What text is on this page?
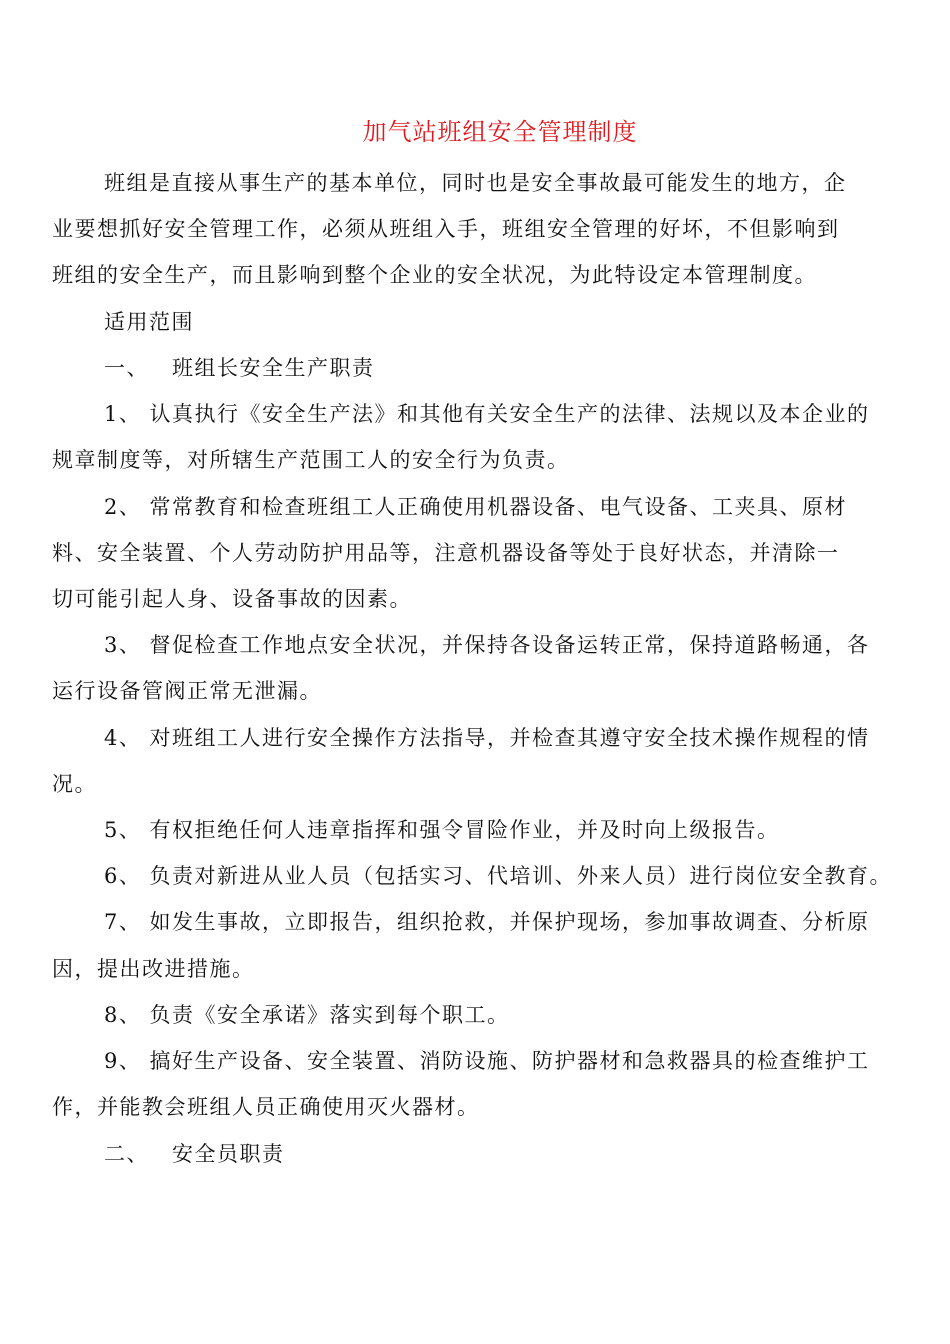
加气站班组安全管理制度
班组是直接从事生产的基本单位，同时也是安全事故最可能发生的地方，企
业要想抓好安全管理工作，必须从班组入手，班组安全管理的好坏，不但影响到
班组的安全生产，而且影响到整个企业的安全状况，为此特设定本管理制度。
适用范围
一、 班组长安全生产职责
1、 认真执行《安全生产法》和其他有关安全生产的法律、法规以及本企业的
规章制度等，对所辖生产范围工人的安全行为负责。
2、 常常教育和检查班组工人正确使用机器设备、电气设备、工夹具、原材
料、安全装置、个人劳动防护用品等，注意机器设备等处于良好状态，并清除一
切可能引起人身、设备事故的因素。
3、 督促检查工作地点安全状况，并保持各设备运转正常，保持道路畅通，各
运行设备管阀正常无泄漏。
4、 对班组工人进行安全操作方法指导，并检查其遵守安全技术操作规程的情
况。
5、 有权拒绝任何人违章指挥和强令冒险作业，并及时向上级报告。
6、 负责对新进从业人员（包括实习、代培训、外来人员）进行岗位安全教育。
7、 如发生事故，立即报告，组织抢救，并保护现场，参加事故调查、分析原
因，提出改进措施。
8、 负责《安全承诺》落实到每个职工。
9、 搞好生产设备、安全装置、消防设施、防护器材和急救器具的检查维护工
作，并能教会班组人员正确使用灭火器材。
二、 安全员职责
